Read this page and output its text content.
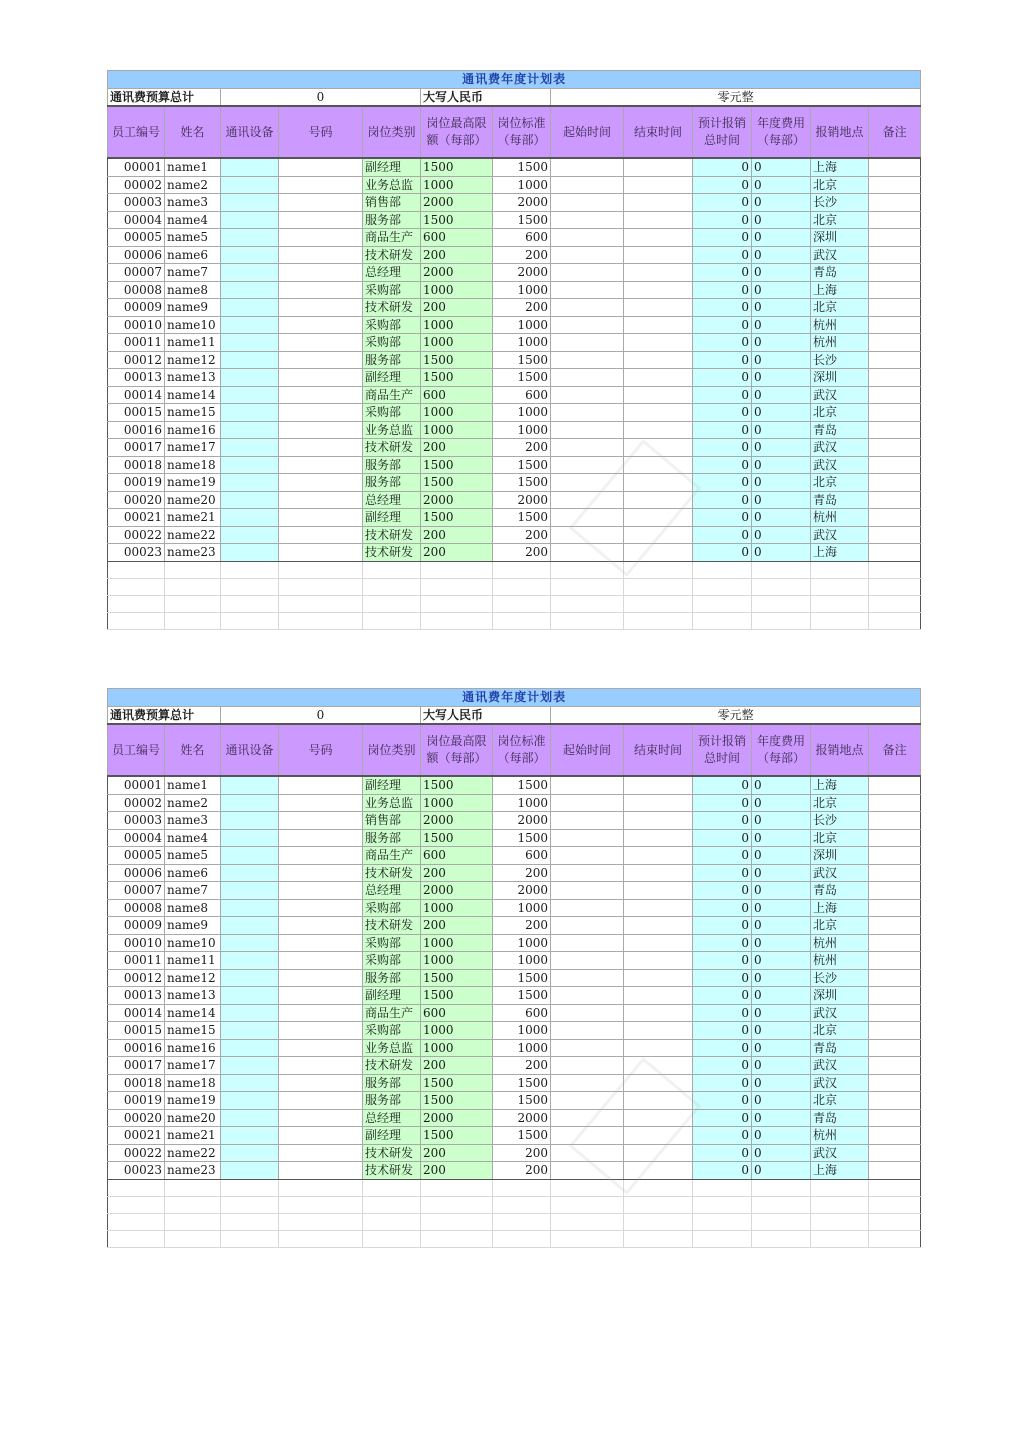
通讯费年度计划表												
通讯费预算总计		0			大写人民币		零元整					
员工编号	姓名	通讯设备	号码	岗位类别	岗位最高限额（每部）	岗位标准（每部）	起始时间	结束时间	预计报销总时间	年度费用（每部）	报销地点	备注
00001	name1			副经理	1500	1500			0	0	上海	
00002	name2			业务总监	1000	1000			0	0	北京	
00003	name3			销售部	2000	2000			0	0	长沙	
00004	name4			服务部	1500	1500			0	0	北京	
00005	name5			商品生产	600	600			0	0	深圳	
00006	name6			技术研发	200	200			0	0	武汉	
00007	name7			总经理	2000	2000			0	0	青岛	
00008	name8			采购部	1000	1000			0	0	上海	
00009	name9			技术研发	200	200			0	0	北京	
00010	name10			采购部	1000	1000			0	0	杭州	
00011	name11			采购部	1000	1000			0	0	杭州	
00012	name12			服务部	1500	1500			0	0	长沙	
00013	name13			副经理	1500	1500			0	0	深圳	
00014	name14			商品生产	600	600			0	0	武汉	
00015	name15			采购部	1000	1000			0	0	北京	
00016	name16			业务总监	1000	1000			0	0	青岛	
00017	name17			技术研发	200	200			0	0	武汉	
00018	name18			服务部	1500	1500			0	0	武汉	
00019	name19			服务部	1500	1500			0	0	北京	
00020	name20			总经理	2000	2000			0	0	青岛	
00021	name21			副经理	1500	1500			0	0	杭州	
00022	name22			技术研发	200	200			0	0	武汉	
00023	name23			技术研发	200	200			0	0	上海	

通讯费年度计划表												
通讯费预算总计		0			大写人民币		零元整					
员工编号	姓名	通讯设备	号码	岗位类别	岗位最高限额（每部）	岗位标准（每部）	起始时间	结束时间	预计报销总时间	年度费用（每部）	报销地点	备注
00001	name1			副经理	1500	1500			0	0	上海	
00002	name2			业务总监	1000	1000			0	0	北京	
00003	name3			销售部	2000	2000			0	0	长沙	
00004	name4			服务部	1500	1500			0	0	北京	
00005	name5			商品生产	600	600			0	0	深圳	
00006	name6			技术研发	200	200			0	0	武汉	
00007	name7			总经理	2000	2000			0	0	青岛	
00008	name8			采购部	1000	1000			0	0	上海	
00009	name9			技术研发	200	200			0	0	北京	
00010	name10			采购部	1000	1000			0	0	杭州	
00011	name11			采购部	1000	1000			0	0	杭州	
00012	name12			服务部	1500	1500			0	0	长沙	
00013	name13			副经理	1500	1500			0	0	深圳	
00014	name14			商品生产	600	600			0	0	武汉	
00015	name15			采购部	1000	1000			0	0	北京	
00016	name16			业务总监	1000	1000			0	0	青岛	
00017	name17			技术研发	200	200			0	0	武汉	
00018	name18			服务部	1500	1500			0	0	武汉	
00019	name19			服务部	1500	1500			0	0	北京	
00020	name20			总经理	2000	2000			0	0	青岛	
00021	name21			副经理	1500	1500			0	0	杭州	
00022	name22			技术研发	200	200			0	0	武汉	
00023	name23			技术研发	200	200			0	0	上海	
